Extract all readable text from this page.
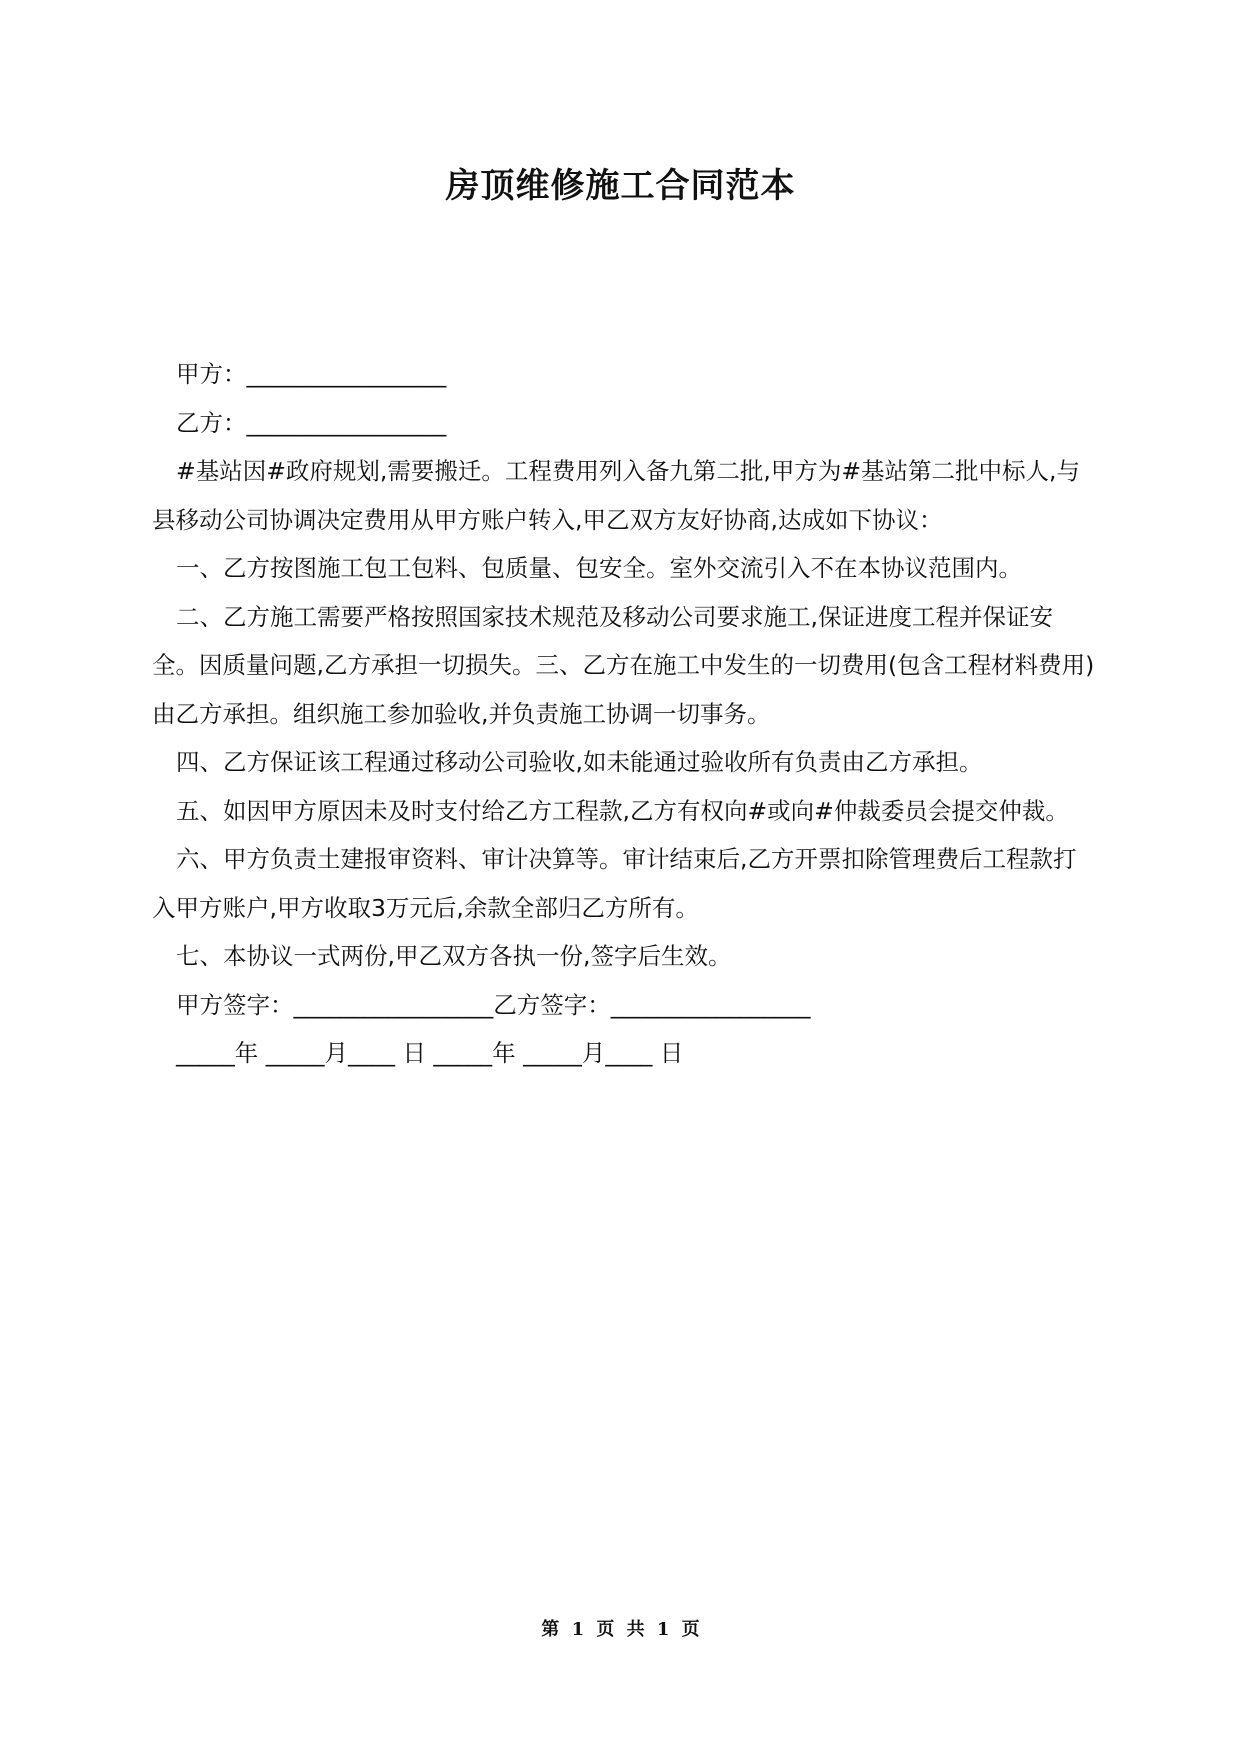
房顶维修施工合同范本

甲方：_________________

乙方：_________________

#基站因#政府规划,需要搬迁。工程费用列入备九第二批,甲方为#基站第二批中标人,与县移动公司协调决定费用从甲方账户转入,甲乙双方友好协商,达成如下协议：

一、乙方按图施工包工包料、包质量、包安全。室外交流引入不在本协议范围内。

二、乙方施工需要严格按照国家技术规范及移动公司要求施工,保证进度工程并保证安全。因质量问题,乙方承担一切损失。三、乙方在施工中发生的一切费用(包含工程材料费用)由乙方承担。组织施工参加验收,并负责施工协调一切事务。

四、乙方保证该工程通过移动公司验收,如未能通过验收所有负责由乙方承担。

五、如因甲方原因未及时支付给乙方工程款,乙方有权向#或向#仲裁委员会提交仲裁。

六、甲方负责土建报审资料、审计决算等。审计结束后,乙方开票扣除管理费后工程款打入甲方账户,甲方收取3万元后,余款全部归乙方所有。

七、本协议一式两份,甲乙双方各执一份,签字后生效。

甲方签字：_________________乙方签字：_________________

_____年 _____月____ 日 _____年 _____月____ 日

第 1 页 共 1 页
